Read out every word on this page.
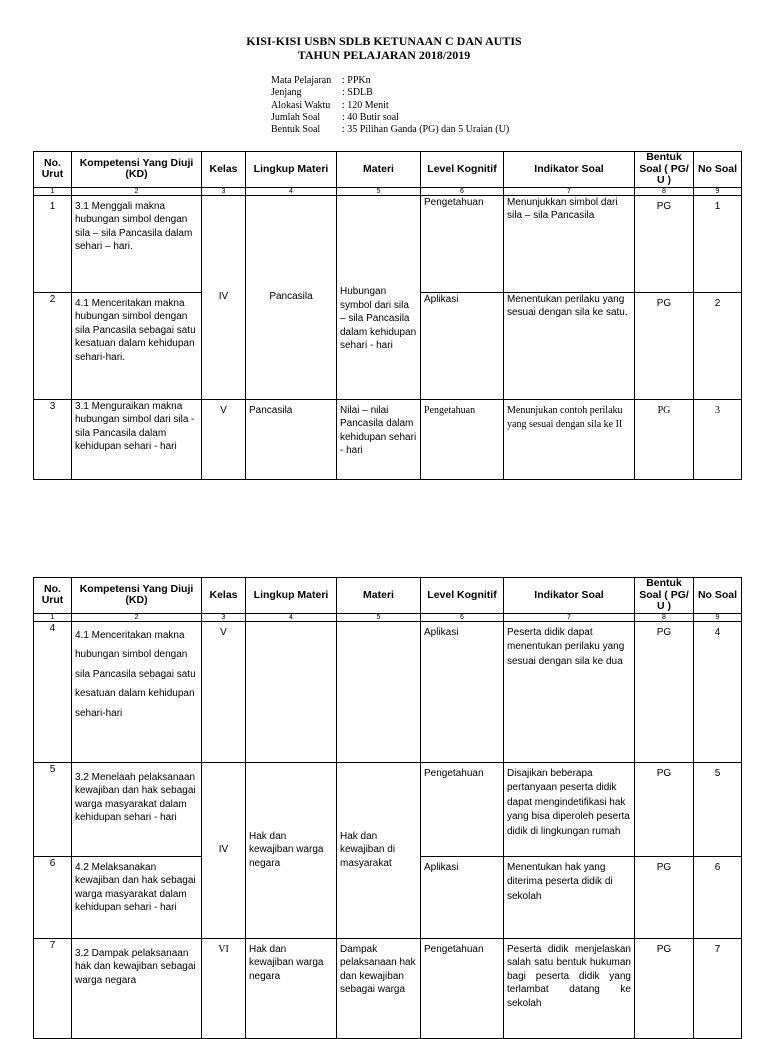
KISI-KISI USBN SDLB KETUNAAN C DAN AUTIS
TAHUN PELAJARAN 2018/2019
Mata Pelajaran : PPKn
Jenjang	: SDLB
Alokasi Waktu : 120 Menit
Jumlah Soal : 40 Butir soal
Bentuk Soal : 35 Pilihan Ganda (PG) dan 5 Uraian (U)
No. Urut	Kompetensi Yang Diuji (KD)	Kelas	Lingkup Materi	Materi	Level Kognitif	Indikator Soal	Bentuk Soal ( PG/ U )	No Soal
1	2	3	4	5	6	7	8	9
1	3.1 Menggali makna hubungan simbol dengan sila – sila Pancasila dalam sehari – hari.	IV	Pancasila	Hubungan symbol dari sila – sila Pancasila dalam kehidupan sehari - hari	Pengetahuan	Menunjukkan simbol dari sila – sila Pancasila	PG	1
2	4.1 Menceritakan makna hubungan simbol dengan sila Pancasila sebagai satu kesatuan dalam kehidupan sehari-hari.				Aplikasi	Menentukan perilaku yang sesuai dengan sila ke satu.	PG	2
3	3.1 Menguraikan makna hubungan simbol dari sila - sila Pancasila dalam kehidupan sehari - hari	V	Pancasila	Nilai – nilai Pancasila dalam kehidupan sehari - hari	Pengetahuan	Menunjukan contoh perilaku yang sesuai dengan sila ke II	PG	3
No. Urut	Kompetensi Yang Diuji (KD)	Kelas	Lingkup Materi	Materi	Level Kognitif	Indikator Soal	Bentuk Soal ( PG/ U )	No Soal
1	2	3	4	5	6	7	8	9
4	4.1 Menceritakan makna hubungan simbol dengan sila Pancasila sebagai satu kesatuan dalam kehidupan sehari-hari	V			Aplikasi	Peserta didik dapat menentukan perilaku yang sesuai dengan sila ke dua	PG	4
5	3.2 Menelaah pelaksanaan kewajiban dan hak sebagai warga masyarakat dalam kehidupan sehari - hari	IV	Hak dan kewajiban warga negara	Hak dan kewajiban di masyarakat	Pengetahuan	Disajikan beberapa pertanyaan peserta didik dapat mengindetifikasi hak yang bisa diperoleh peserta didik di lingkungan rumah	PG	5
6	4.2 Melaksanakan kewajiban dan hak sebagai warga masyarakat dalam kehidupan sehari - hari				Aplikasi	Menentukan hak yang diterima peserta didik di sekolah	PG	6
7	3.2 Dampak pelaksanaan hak dan kewajiban sebagai warga negara	VI	Hak dan kewajiban warga negara	Dampak pelaksanaan hak dan kewajiban sebagai warga	Pengetahuan	Peserta didik menjelaskan salah satu bentuk hukuman bagi peserta didik yang terlambat datang ke sekolah	PG	7
